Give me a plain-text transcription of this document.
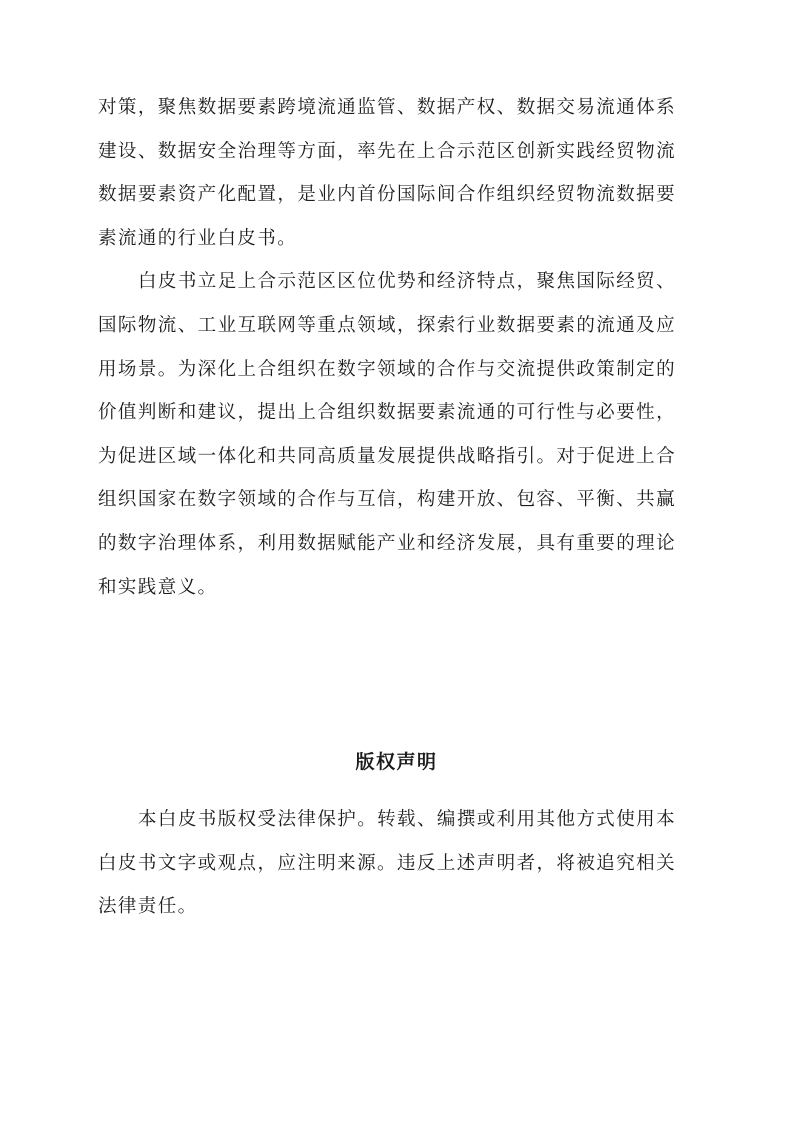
对策，聚焦数据要素跨境流通监管、数据产权、数据交易流通体系
建设、数据安全治理等方面，率先在上合示范区创新实践经贸物流
数据要素资产化配置，是业内首份国际间合作组织经贸物流数据要
素流通的行业白皮书。
白皮书立足上合示范区区位优势和经济特点，聚焦国际经贸、
国际物流、工业互联网等重点领域，探索行业数据要素的流通及应
用场景。为深化上合组织在数字领域的合作与交流提供政策制定的
价值判断和建议，提出上合组织数据要素流通的可行性与必要性，
为促进区域一体化和共同高质量发展提供战略指引。对于促进上合
组织国家在数字领域的合作与互信，构建开放、包容、平衡、共赢
的数字治理体系，利用数据赋能产业和经济发展，具有重要的理论
和实践意义。
版权声明
本白皮书版权受法律保护。转载、编撰或利用其他方式使用本
白皮书文字或观点，应注明来源。违反上述声明者，将被追究相关
法律责任。
